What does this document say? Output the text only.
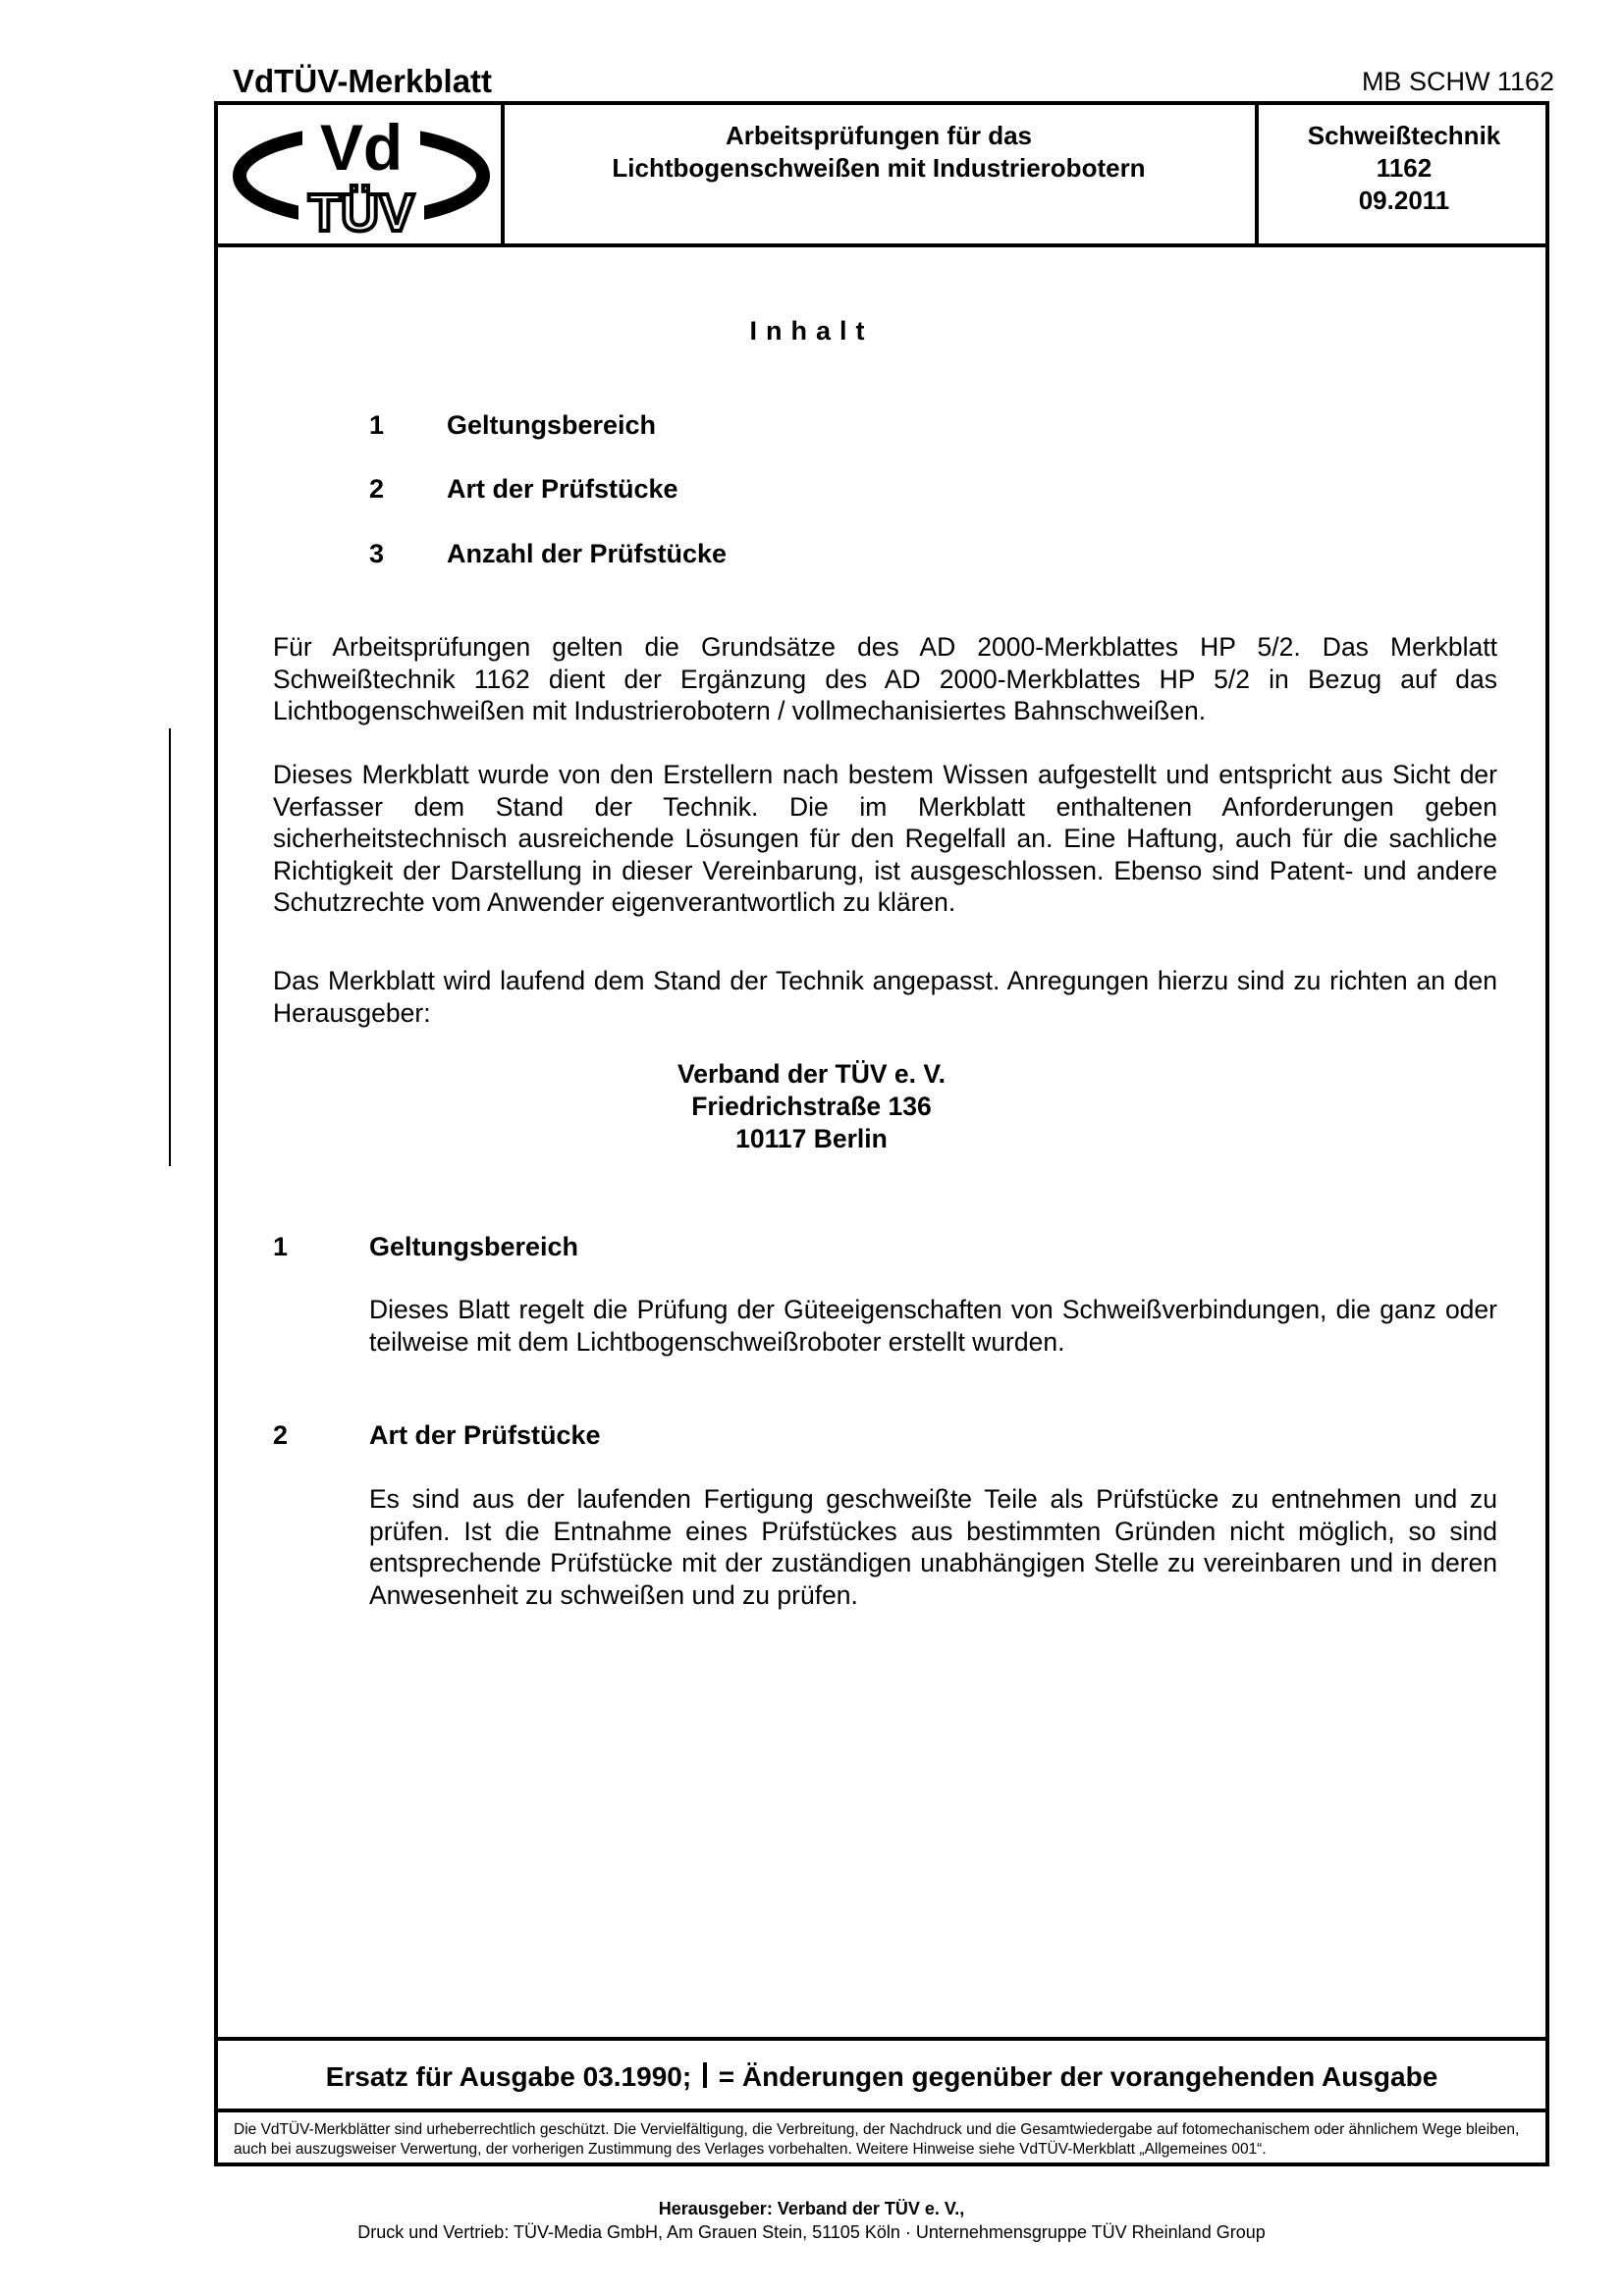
VdTÜV-Merkblatt	MB SCHW 1162
Vd
TÜV
Arbeitsprüfungen für das
Lichtbogenschweißen mit Industrierobotern
Schweißtechnik
1162
09.2011
Inhalt
1 Geltungsbereich
2 Art der Prüfstücke
3 Anzahl der Prüfstücke
Für Arbeitsprüfungen gelten die Grundsätze des AD 2000-Merkblattes HP 5/2. Das Merkblatt Schweißtechnik 1162 dient der Ergänzung des AD 2000-Merkblattes HP 5/2 in Bezug auf das Lichtbogenschweißen mit Industrierobotern / vollmechanisiertes Bahnschweißen.
Dieses Merkblatt wurde von den Erstellern nach bestem Wissen aufgestellt und entspricht aus Sicht der Verfasser dem Stand der Technik. Die im Merkblatt enthaltenen Anforderungen geben sicherheitstechnisch ausreichende Lösungen für den Regelfall an. Eine Haftung, auch für die sachliche Richtigkeit der Darstellung in dieser Vereinbarung, ist ausgeschlossen. Ebenso sind Patent- und andere Schutzrechte vom Anwender eigenverantwortlich zu klären.
Das Merkblatt wird laufend dem Stand der Technik angepasst. Anregungen hierzu sind zu richten an den Herausgeber:
Verband der TÜV e. V.
Friedrichstraße 136
10117 Berlin
1	Geltungsbereich
Dieses Blatt regelt die Prüfung der Güteeigenschaften von Schweißverbindungen, die ganz oder teilweise mit dem Lichtbogenschweißroboter erstellt wurden.
2	Art der Prüfstücke
Es sind aus der laufenden Fertigung geschweißte Teile als Prüfstücke zu entnehmen und zu prüfen. Ist die Entnahme eines Prüfstückes aus bestimmten Gründen nicht möglich, so sind entsprechende Prüfstücke mit der zuständigen unabhängigen Stelle zu vereinbaren und in deren Anwesenheit zu schweißen und zu prüfen.
Ersatz für Ausgabe 03.1990; = Änderungen gegenüber der vorangehenden Ausgabe
Die VdTÜV-Merkblätter sind urheberrechtlich geschützt. Die Vervielfältigung, die Verbreitung, der Nachdruck und die Gesamtwiedergabe auf fotomechanischem oder ähnlichem Wege bleiben, auch bei auszugsweiser Verwertung, der vorherigen Zustimmung des Verlages vorbehalten. Weitere Hinweise siehe VdTÜV-Merkblatt „Allgemeines 001“.
Herausgeber: Verband der TÜV e. V.,
Druck und Vertrieb: TÜV-Media GmbH, Am Grauen Stein, 51105 Köln · Unternehmensgruppe TÜV Rheinland Group
